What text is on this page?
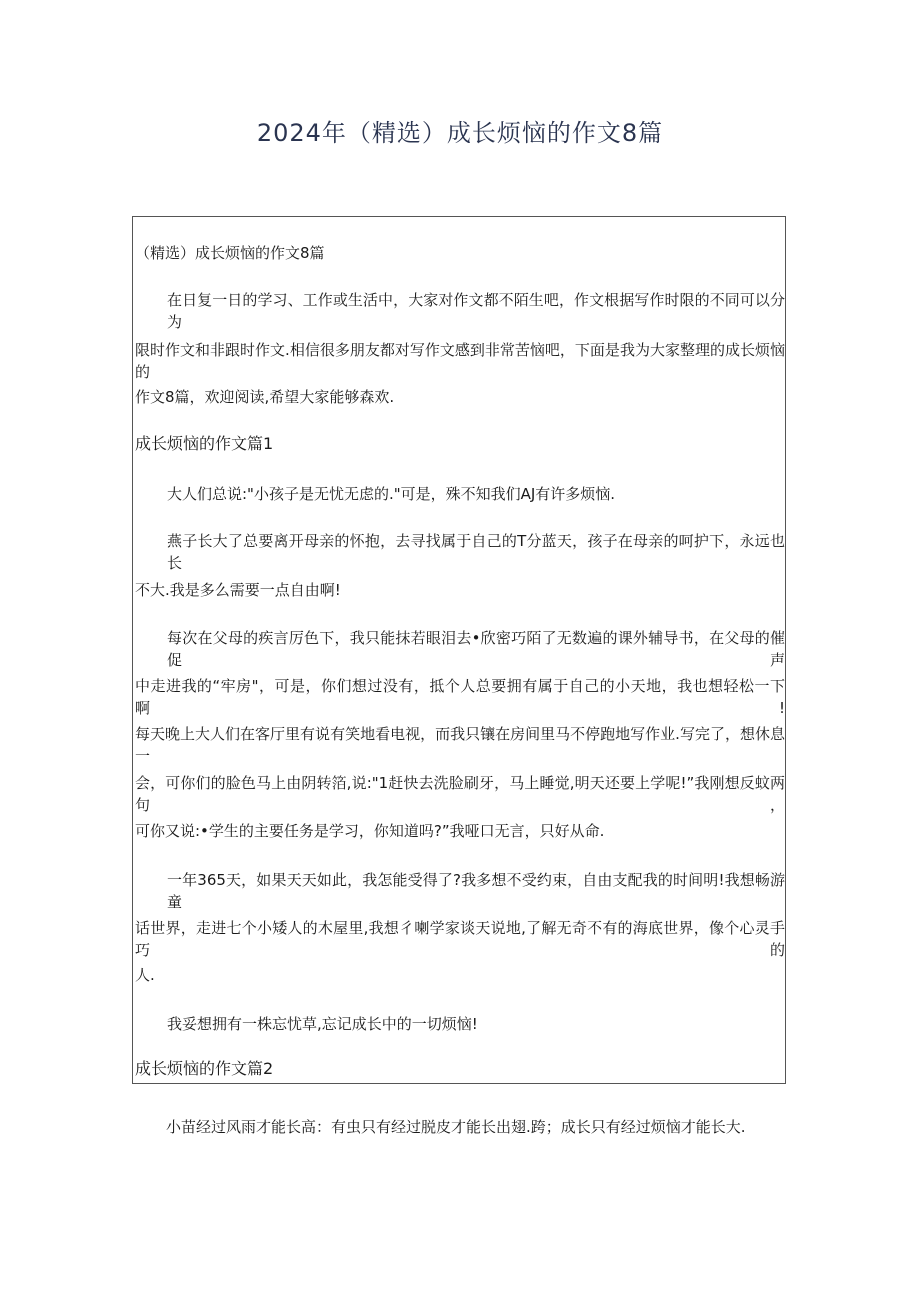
2024年（精选）成长烦恼的作文8篇
（精选）成长烦恼的作文8篇
在日复一日的学习、工作或生活中，大家对作文都不陌生吧，作文根据写作时限的不同可以分为
限时作文和非跟时作文.相信很多朋友都对写作文感到非常苦恼吧，下面是我为大家整理的成长烦恼的
作文8篇，欢迎阅读,希望大家能够森欢.
成长烦恼的作文篇1
大人们总说:"小孩子是无忧无虑的."可是，殊不知我们AJ有许多烦恼.
燕子长大了总要离开母亲的怀抱，去寻找属于自己的T分蓝天，孩子在母亲的呵护下，永远也长
不大.我是多么需要一点自由啊!
每次在父母的疾言厉色下，我只能抹若眼泪去•欣密巧陌了无数遍的课外辅导书，在父母的催促声
中走进我的“牢房"，可是，你们想过没有，抵个人总要拥有属于自己的小天地，我也想轻松一下啊!
每天晚上大人们在客厅里有说有笑地看电视，而我只镶在房间里马不停跑地写作业.写完了，想休息一
会，可你们的脸色马上由阴转箔,说:"1赶快去洗脸刷牙，马上睡觉,明天还要上学呢!”我刚想反蚊两句，
可你又说:•学生的主要任务是学习，你知道吗?”我哑口无言，只好从命.
一年365天，如果天天如此，我怎能受得了?我多想不受约束，自由支配我的时间明!我想畅游童
话世界，走进七个小矮人的木屋里,我想彳喇学家谈天说地,了解无奇不有的海底世界，像个心灵手巧的
人.
我妥想拥有一株忘忧草,忘记成长中的一切烦恼!
成长烦恼的作文篇2
小苗经过风雨才能长高：有虫只有经过脱皮才能长出翅.跨；成长只有经过烦恼才能长大.
